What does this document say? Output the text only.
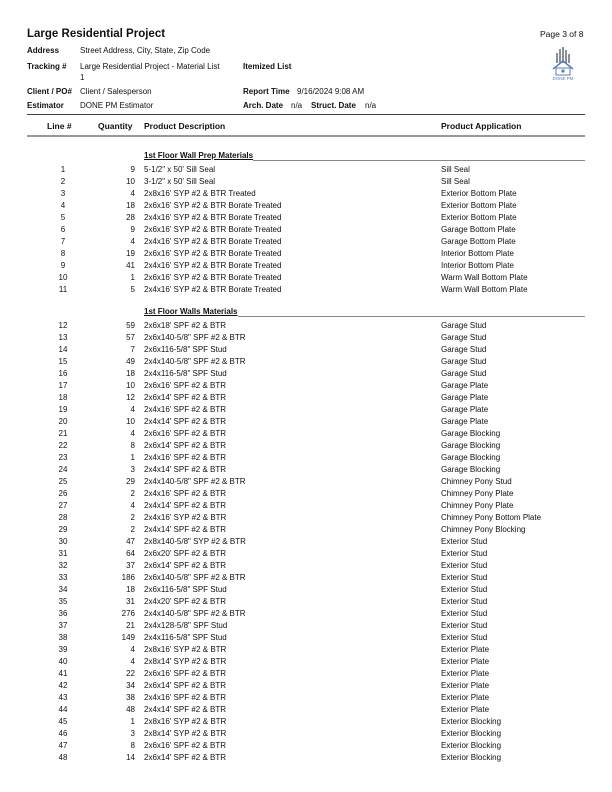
Large Residential Project	Page 3 of 8
Address	Street Address, City, State, Zip Code
Tracking # Large Residential Project - Material List
1
Itemized List
Client / PO# Client / Salesperson	Report Time 9/16/2024 9:08 AM
Estimator DONE PM Estimator	Arch. Date n/a Struct. Date n/a
DONE PM
Line #	Quantity Product Description	Product Application
1st Floor Wall Prep Materials
1	9 5-1/2" x 50' Sill Seal	Sill Seal
2	10 3-1/2" x 50' Sill Seal	Sill Seal
3	4 2x8x16' SYP #2 & BTR Treated	Exterior Bottom Plate
4	18 2x6x16' SYP #2 & BTR Borate Treated	Exterior Bottom Plate
5	28 2x4x16' SYP #2 & BTR Borate Treated	Exterior Bottom Plate
6	9 2x6x16' SYP #2 & BTR Borate Treated	Garage Bottom Plate
7	4 2x4x16' SYP #2 & BTR Borate Treated	Garage Bottom Plate
8	19 2x6x16' SYP #2 & BTR Borate Treated	Interior Bottom Plate
9	41 2x4x16' SYP #2 & BTR Borate Treated	Interior Bottom Plate
10	1 2x6x16' SYP #2 & BTR Borate Treated	Warm Wall Bottom Plate
11	5 2x4x16' SYP #2 & BTR Borate Treated	Warm Wall Bottom Plate
1st Floor Walls Materials
12	59 2x6x18' SPF #2 & BTR	Garage Stud
13	57 2x6x140-5/8" SPF #2 & BTR	Garage Stud
14	7 2x6x116-5/8" SPF Stud	Garage Stud
15	49 2x4x140-5/8" SPF #2 & BTR	Garage Stud
16	18 2x4x116-5/8" SPF Stud	Garage Stud
17	10 2x6x16' SPF #2 & BTR	Garage Plate
18	12 2x6x14' SPF #2 & BTR	Garage Plate
19	4 2x4x16' SPF #2 & BTR	Garage Plate
20	10 2x4x14' SPF #2 & BTR	Garage Plate
21	4 2x6x16' SPF #2 & BTR	Garage Blocking
22	8 2x6x14' SPF #2 & BTR	Garage Blocking
23	1 2x4x16' SPF #2 & BTR	Garage Blocking
24	3 2x4x14' SPF #2 & BTR	Garage Blocking
25	29 2x4x140-5/8" SPF #2 & BTR	Chimney Pony Stud
26	2 2x4x16' SPF #2 & BTR	Chimney Pony Plate
27	4 2x4x14' SPF #2 & BTR	Chimney Pony Plate
28	2 2x4x16' SYP #2 & BTR	Chimney Pony Bottom Plate
29	2 2x4x14' SPF #2 & BTR	Chimney Pony Blocking
30	47 2x8x140-5/8" SYP #2 & BTR	Exterior Stud
31	64 2x6x20' SPF #2 & BTR	Exterior Stud
32	37 2x6x14' SPF #2 & BTR	Exterior Stud
33	186 2x6x140-5/8" SPF #2 & BTR	Exterior Stud
34	18 2x6x116-5/8" SPF Stud	Exterior Stud
35	31 2x4x20' SPF #2 & BTR	Exterior Stud
36	276 2x4x140-5/8" SPF #2 & BTR	Exterior Stud
37	21 2x4x128-5/8" SPF Stud	Exterior Stud
38	149 2x4x116-5/8" SPF Stud	Exterior Stud
39	4 2x8x16' SYP #2 & BTR	Exterior Plate
40	4 2x8x14' SYP #2 & BTR	Exterior Plate
41	22 2x6x16' SPF #2 & BTR	Exterior Plate
42	34 2x6x14' SPF #2 & BTR	Exterior Plate
43	38 2x4x16' SPF #2 & BTR	Exterior Plate
44	48 2x4x14' SPF #2 & BTR	Exterior Plate
45	1 2x8x16' SYP #2 & BTR	Exterior Blocking
46	3 2x8x14' SYP #2 & BTR	Exterior Blocking
47	8 2x6x16' SPF #2 & BTR	Exterior Blocking
48	14 2x6x14' SPF #2 & BTR	Exterior Blocking
